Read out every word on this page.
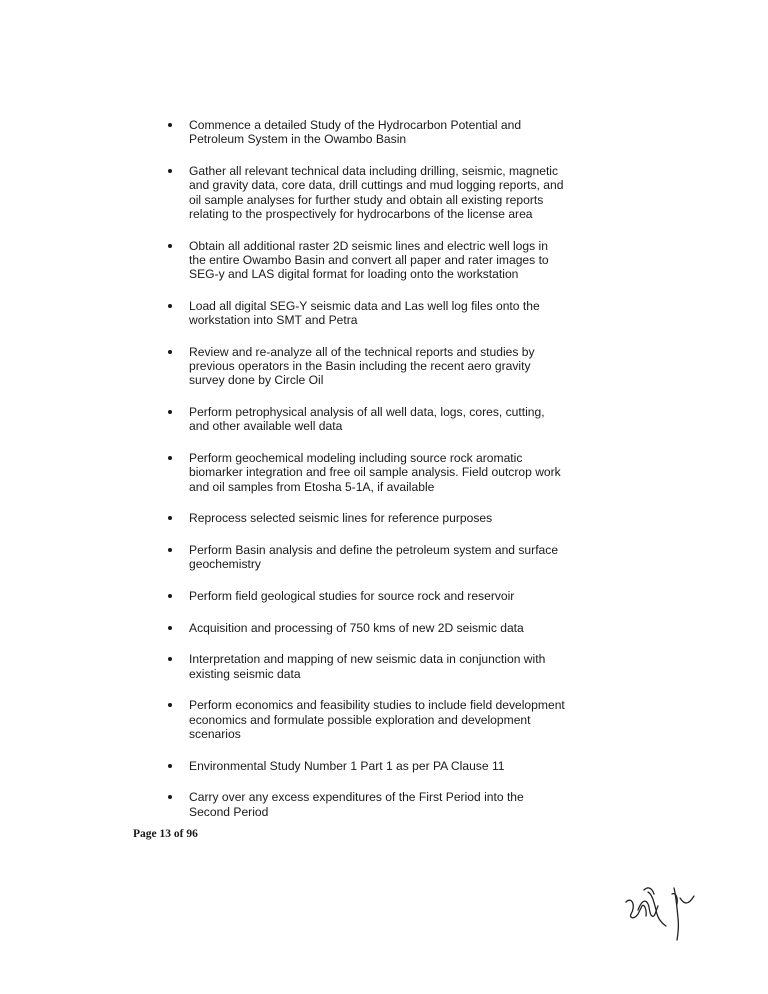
Commence a detailed Study of the Hydrocarbon Potential and Petroleum System in the Owambo Basin
Gather all relevant technical data including drilling, seismic, magnetic and gravity data, core data, drill cuttings and mud logging reports, and oil sample analyses for further study and obtain all existing reports relating to the prospectively for hydrocarbons of the license area
Obtain all additional raster 2D seismic lines and electric well logs in the entire Owambo Basin and convert all paper and rater images to SEG-y and LAS digital format for loading onto the workstation
Load all digital SEG-Y seismic data and Las well log files onto the workstation into SMT and Petra
Review and re-analyze all of the technical reports and studies by previous operators in the Basin including the recent aero gravity survey done by Circle Oil
Perform petrophysical analysis of all well data, logs, cores, cutting, and other available well data
Perform geochemical modeling including source rock aromatic biomarker integration and free oil sample analysis. Field outcrop work and oil samples from Etosha 5-1A, if available
Reprocess selected seismic lines for reference purposes
Perform Basin analysis and define the petroleum system and surface geochemistry
Perform field geological studies for source rock and reservoir
Acquisition and processing of 750 kms of new 2D seismic data
Interpretation and mapping of new seismic data in conjunction with existing seismic data
Perform economics and feasibility studies to include field development economics and formulate possible exploration and development scenarios
Environmental Study Number 1 Part 1 as per PA Clause 11
Carry over any excess expenditures of the First Period into the Second Period
Page 13 of 96
